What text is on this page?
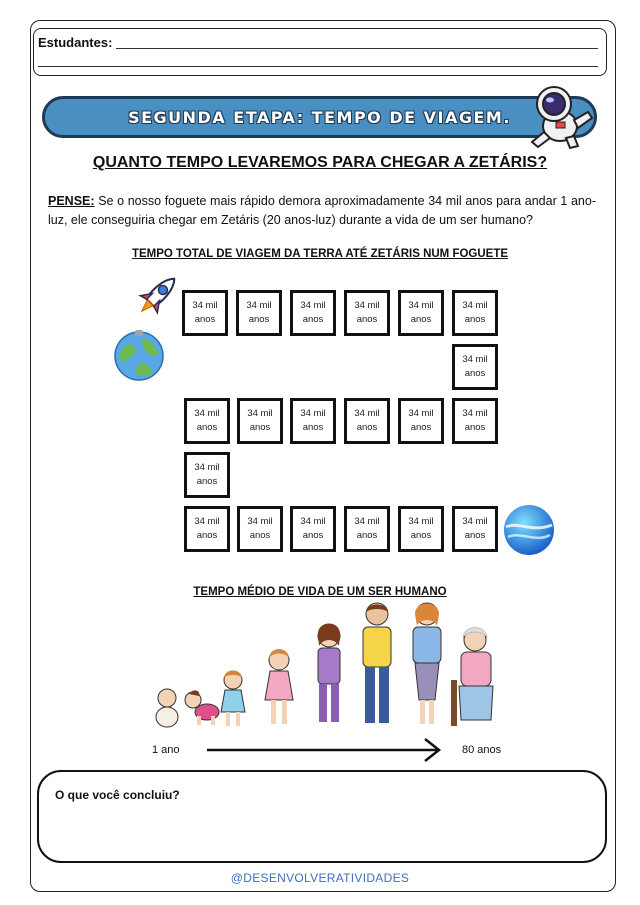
Estudantes:
SEGUNDA ETAPA: TEMPO DE VIAGEM.
QUANTO TEMPO LEVAREMOS PARA CHEGAR A ZETÁRIS?

PENSE: Se o nosso foguete mais rápido demora aproximadamente 34 mil anos para andar 1 ano-luz, ele conseguiria chegar em Zetáris (20 anos-luz) durante a vida de um ser humano?

TEMPO TOTAL DE VIAGEM DA TERRA ATÉ ZETÁRIS NUM FOGUETE
34 mil anos
34 mil anos
34 mil anos
34 mil anos
34 mil anos
34 mil anos
34 mil anos
34 mil anos
34 mil anos
34 mil anos
34 mil anos
34 mil anos
34 mil anos
34 mil anos
34 mil anos
34 mil anos
34 mil anos
34 mil anos
34 mil anos
34 mil anos
TEMPO MÉDIO DE VIDA DE UM SER HUMANO
1 ano	80 anos
O que você concluiu?
@DESENVOLVERATIVIDADES
